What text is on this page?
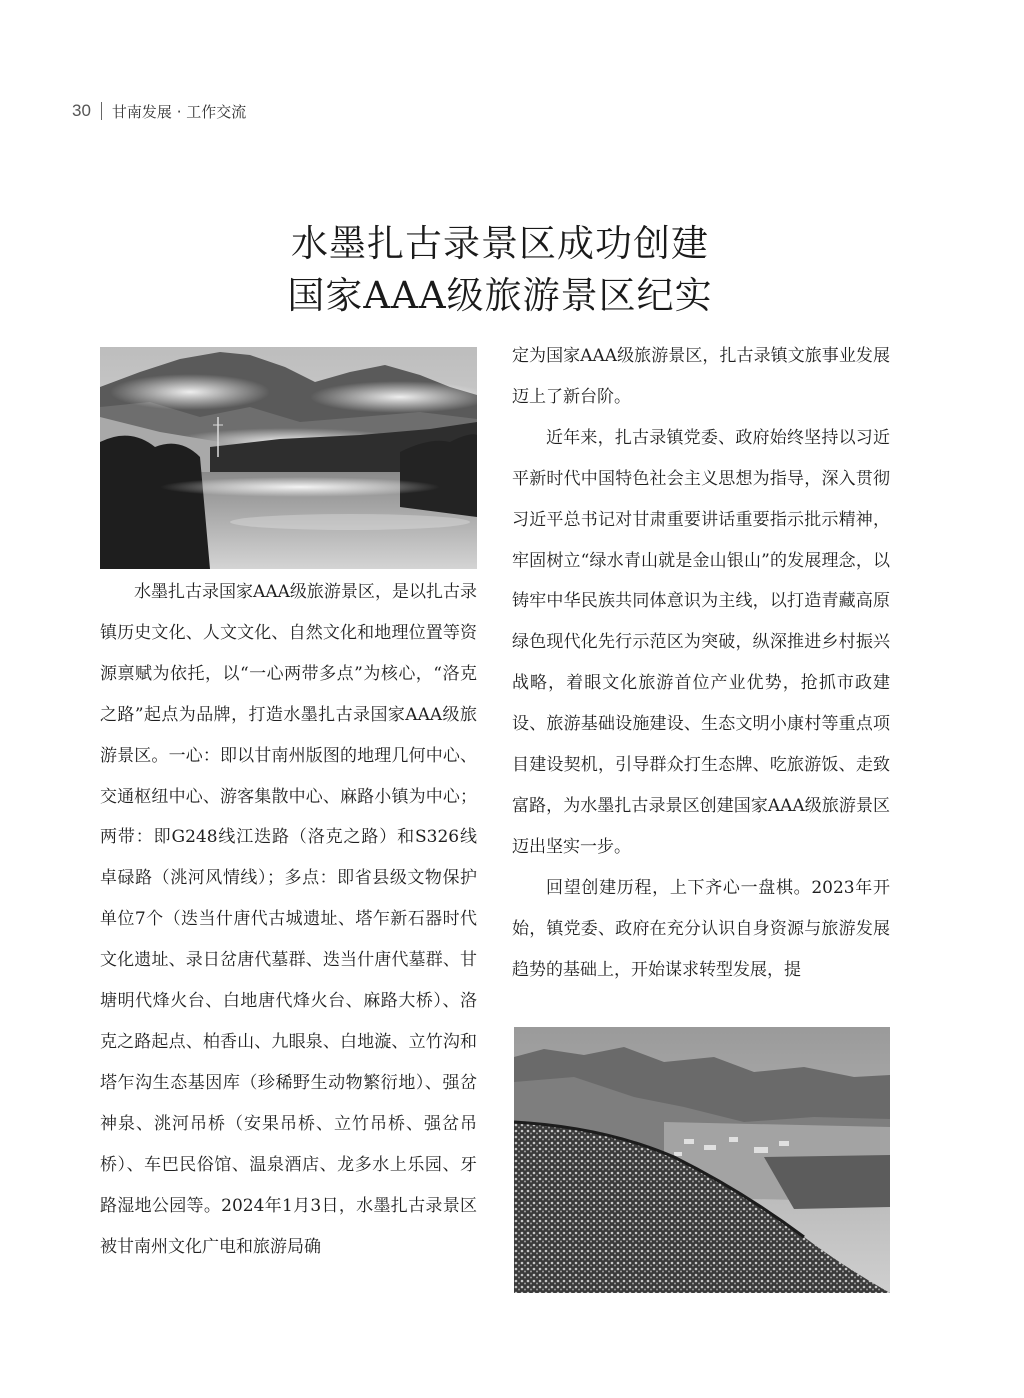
30 甘南发展 · 工作交流
水墨扎古录景区成功创建
国家AAA级旅游景区纪实

水墨扎古录国家AAA级旅游景区，是以扎古录镇历史文化、人文文化、自然文化和地理位置等资源禀赋为依托，以“一心两带多点”为核心，“洛克之路”起点为品牌，打造水墨扎古录国家AAA级旅游景区。一心：即以甘南州版图的地理几何中心、交通枢纽中心、游客集散中心、麻路小镇为中心；两带：即G248线江迭路（洛克之路）和S326线卓碌路（洮河风情线）；多点：即省县级文物保护单位7个（迭当什唐代古城遗址、塔乍新石器时代文化遗址、录日岔唐代墓群、迭当什唐代墓群、甘塘明代烽火台、白地唐代烽火台、麻路大桥）、洛克之路起点、柏香山、九眼泉、白地漩、立竹沟和塔乍沟生态基因库（珍稀野生动物繁衍地）、强岔神泉、洮河吊桥（安果吊桥、立竹吊桥、强岔吊桥）、车巴民俗馆、温泉酒店、龙多水上乐园、牙路湿地公园等。2024年1月3日，水墨扎古录景区被甘南州文化广电和旅游局确

定为国家AAA级旅游景区，扎古录镇文旅事业发展迈上了新台阶。

近年来，扎古录镇党委、政府始终坚持以习近平新时代中国特色社会主义思想为指导，深入贯彻习近平总书记对甘肃重要讲话重要指示批示精神，牢固树立“绿水青山就是金山银山”的发展理念，以铸牢中华民族共同体意识为主线，以打造青藏高原绿色现代化先行示范区为突破，纵深推进乡村振兴战略，着眼文化旅游首位产业优势，抢抓市政建设、旅游基础设施建设、生态文明小康村等重点项目建设契机，引导群众打生态牌、吃旅游饭、走致富路，为水墨扎古录景区创建国家AAA级旅游景区迈出坚实一步。

回望创建历程，上下齐心一盘棋。2023年开始，镇党委、政府在充分认识自身资源与旅游发展趋势的基础上，开始谋求转型发展，提
